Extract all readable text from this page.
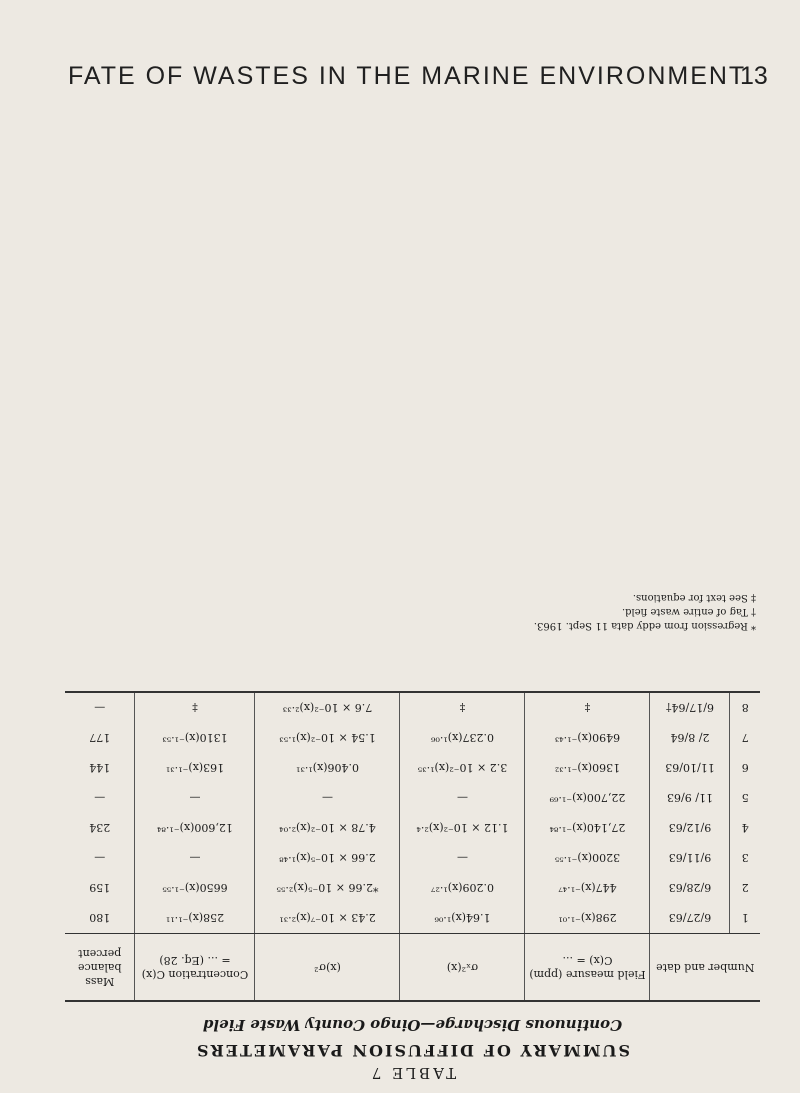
FATE OF WASTES IN THE MARINE ENVIRONMENT
13
TABLE 7
SUMMARY OF DIFFUSION PARAMETERS
Continuous Discharge—Oingo County Waste Field
Number and date		Field measure (ppm) C(x) = ...	σₓ²(x)	(x)σ²	Concentration C(x) = ... (Eq. 28)	Mass balance percent
1	6/27/63	298(x)⁻¹·⁰¹	1.64(x)¹·⁰⁶	2.43 × 10⁻⁷(x)²·³¹	258(x)⁻¹·¹¹	180
2	6/28/63	447(x)⁻¹·⁴⁷	0.209(x)¹·²⁷	*2.66 × 10⁻⁵(x)²·⁵⁵	6650(x)⁻¹·⁵⁵	159
3	9/11/63	3200(x)⁻¹·⁵⁵	—	2.66 × 10⁻⁵(x)¹·⁴⁸	—	—
4	9/12/63	27,140(x)⁻¹·⁸⁴	1.12 × 10⁻²(x)²·⁴	4.78 × 10⁻²(x)²·⁰⁴	12,600(x)⁻¹·⁸⁴	234
5	11/ 9/63	22,700(x)⁻¹·⁶⁹	—	—	—	—
6	11/10/63	1360(x)⁻¹·³²	3.2 × 10⁻²(x)¹·³⁵	0.406(x)¹·³¹	163(x)⁻¹·³¹	144
7	2/ 8/64	6490(x)⁻¹·⁴³	0.237(x)¹·⁰⁶	1.54 × 10⁻²(x)¹·⁵³	1310(x)⁻¹·⁵³	177
8	6/17/64†	‡	‡	7.6 × 10⁻²(x)²·³³	‡	—
* Regression from eddy data 11 Sept. 1963.
† Tag of entire waste field.
‡ See text for equations.
